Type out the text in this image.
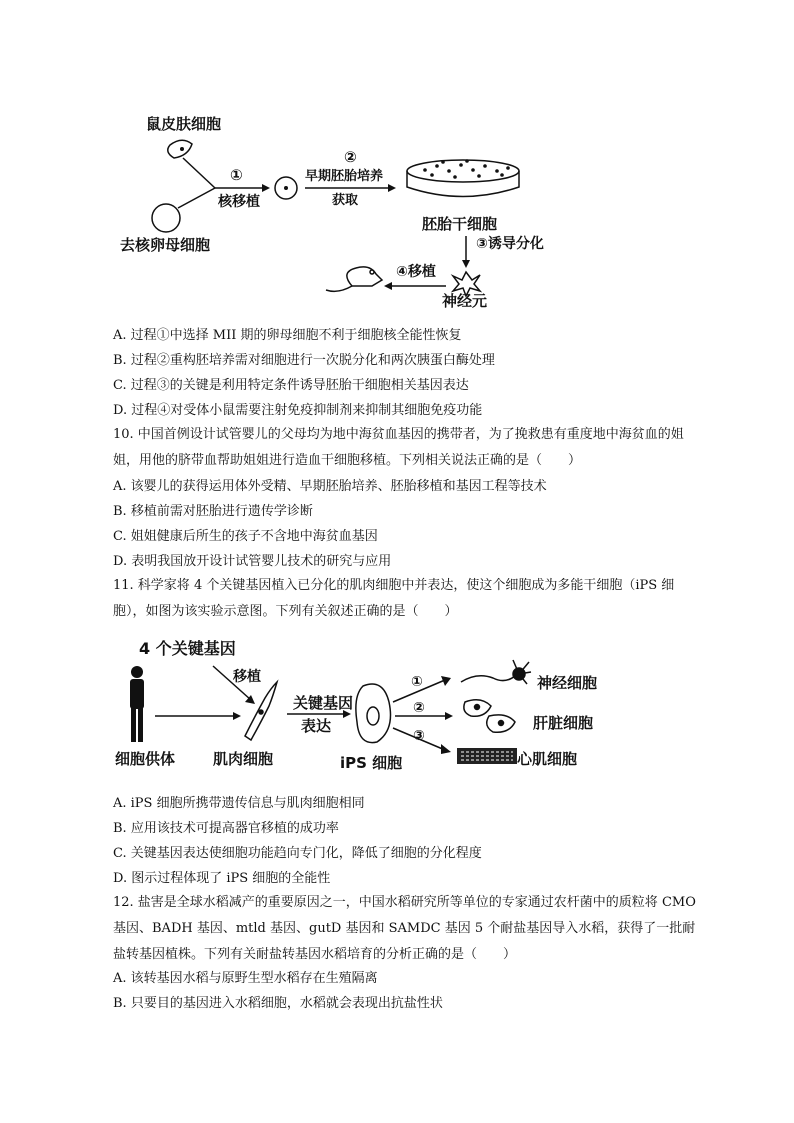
鼠皮肤细胞
去核卵母细胞
①
核移植
②
早期胚胎培养
获取
胚胎干细胞
③诱导分化
神经元
④移植
A. 过程①中选择 MII 期的卵母细胞不利于细胞核全能性恢复
B. 过程②重构胚培养需对细胞进行一次脱分化和两次胰蛋白酶处理
C. 过程③的关键是利用特定条件诱导胚胎干细胞相关基因表达
D. 过程④对受体小鼠需要注射免疫抑制剂来抑制其细胞免疫功能
10. 中国首例设计试管婴儿的父母均为地中海贫血基因的携带者，为了挽救患有重度地中海贫血的姐姐，用他的脐带血帮助姐姐进行造血干细胞移植。下列相关说法正确的是（　　）
A. 该婴儿的获得运用体外受精、早期胚胎培养、胚胎移植和基因工程等技术
B. 移植前需对胚胎进行遗传学诊断
C. 姐姐健康后所生的孩子不含地中海贫血基因
D. 表明我国放开设计试管婴儿技术的研究与应用
11. 科学家将 4 个关键基因植入已分化的肌肉细胞中并表达，使这个细胞成为多能干细胞（iPS 细胞），如图为该实验示意图。下列有关叙述正确的是（　　）
4 个关键基因
细胞供体
移植
肌肉细胞
关键基因
表达
iPS 细胞
①
②
③
神经细胞
肝脏细胞
心肌细胞
A. iPS 细胞所携带遗传信息与肌肉细胞相同
B. 应用该技术可提高器官移植的成功率
C. 关键基因表达使细胞功能趋向专门化，降低了细胞的分化程度
D. 图示过程体现了 iPS 细胞的全能性
12. 盐害是全球水稻减产的重要原因之一，中国水稻研究所等单位的专家通过农杆菌中的质粒将 CMO 基因、BADH 基因、mtld 基因、gutD 基因和 SAMDC 基因 5 个耐盐基因导入水稻，获得了一批耐盐转基因植株。下列有关耐盐转基因水稻培育的分析正确的是（　　）
A. 该转基因水稻与原野生型水稻存在生殖隔离
B. 只要目的基因进入水稻细胞，水稻就会表现出抗盐性状
